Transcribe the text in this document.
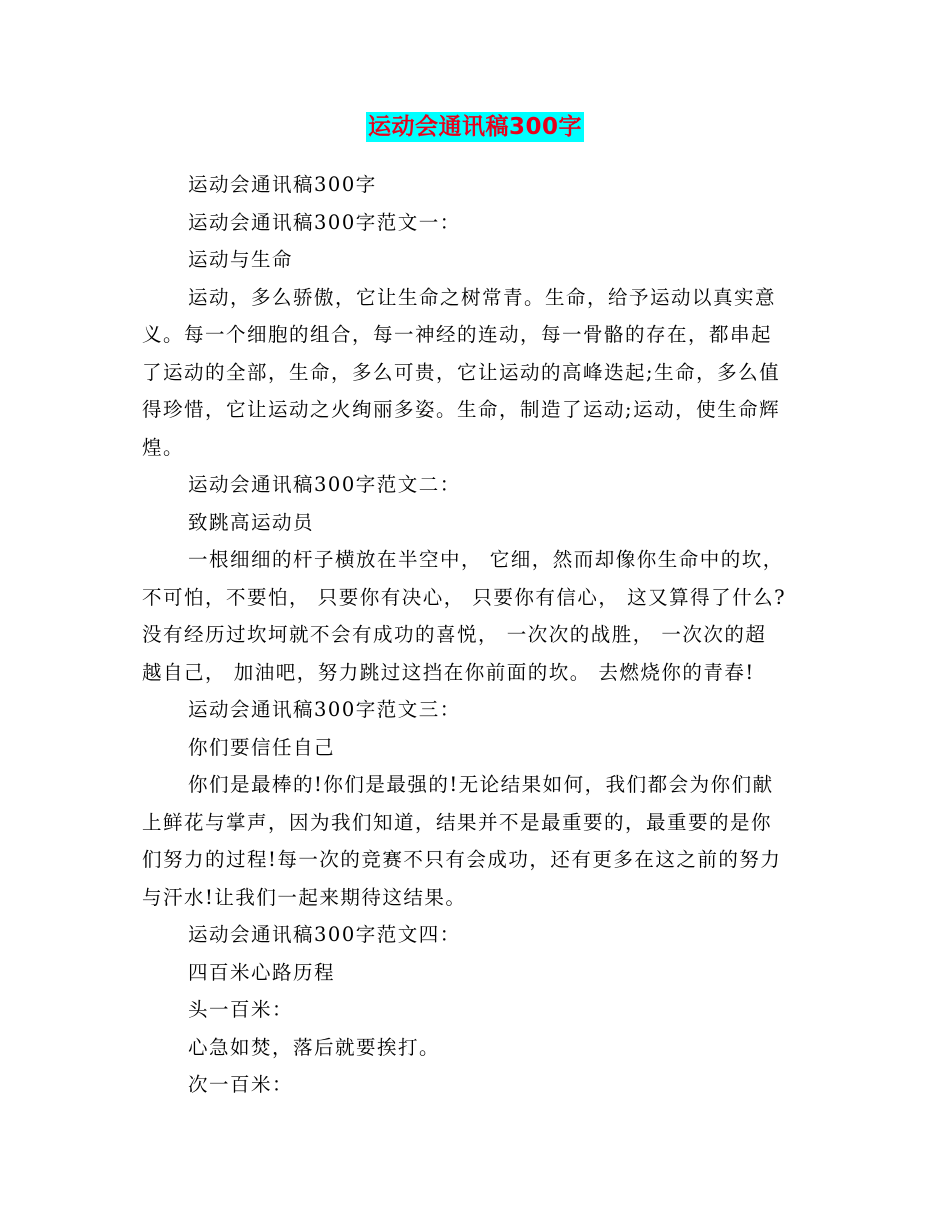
运动会通讯稿300字
运动会通讯稿300字
运动会通讯稿300字范文一：
运动与生命
运动，多么骄傲，它让生命之树常青。生命，给予运动以真实意
义。每一个细胞的组合，每一神经的连动，每一骨骼的存在，都串起
了运动的全部，生命，多么可贵，它让运动的高峰迭起;生命，多么值
得珍惜，它让运动之火绚丽多姿。生命，制造了运动;运动，使生命辉
煌。
运动会通讯稿300字范文二：
致跳高运动员
一根细细的杆子横放在半空中， 它细，然而却像你生命中的坎，
不可怕，不要怕， 只要你有决心， 只要你有信心， 这又算得了什么?
没有经历过坎坷就不会有成功的喜悦， 一次次的战胜， 一次次的超
越自己， 加油吧，努力跳过这挡在你前面的坎。 去燃烧你的青春!
运动会通讯稿300字范文三：
你们要信任自己
你们是最棒的!你们是最强的!无论结果如何，我们都会为你们献
上鲜花与掌声，因为我们知道，结果并不是最重要的，最重要的是你
们努力的过程!每一次的竞赛不只有会成功，还有更多在这之前的努力
与汗水!让我们一起来期待这结果。
运动会通讯稿300字范文四：
四百米心路历程
头一百米：
心急如焚，落后就要挨打。
次一百米：
